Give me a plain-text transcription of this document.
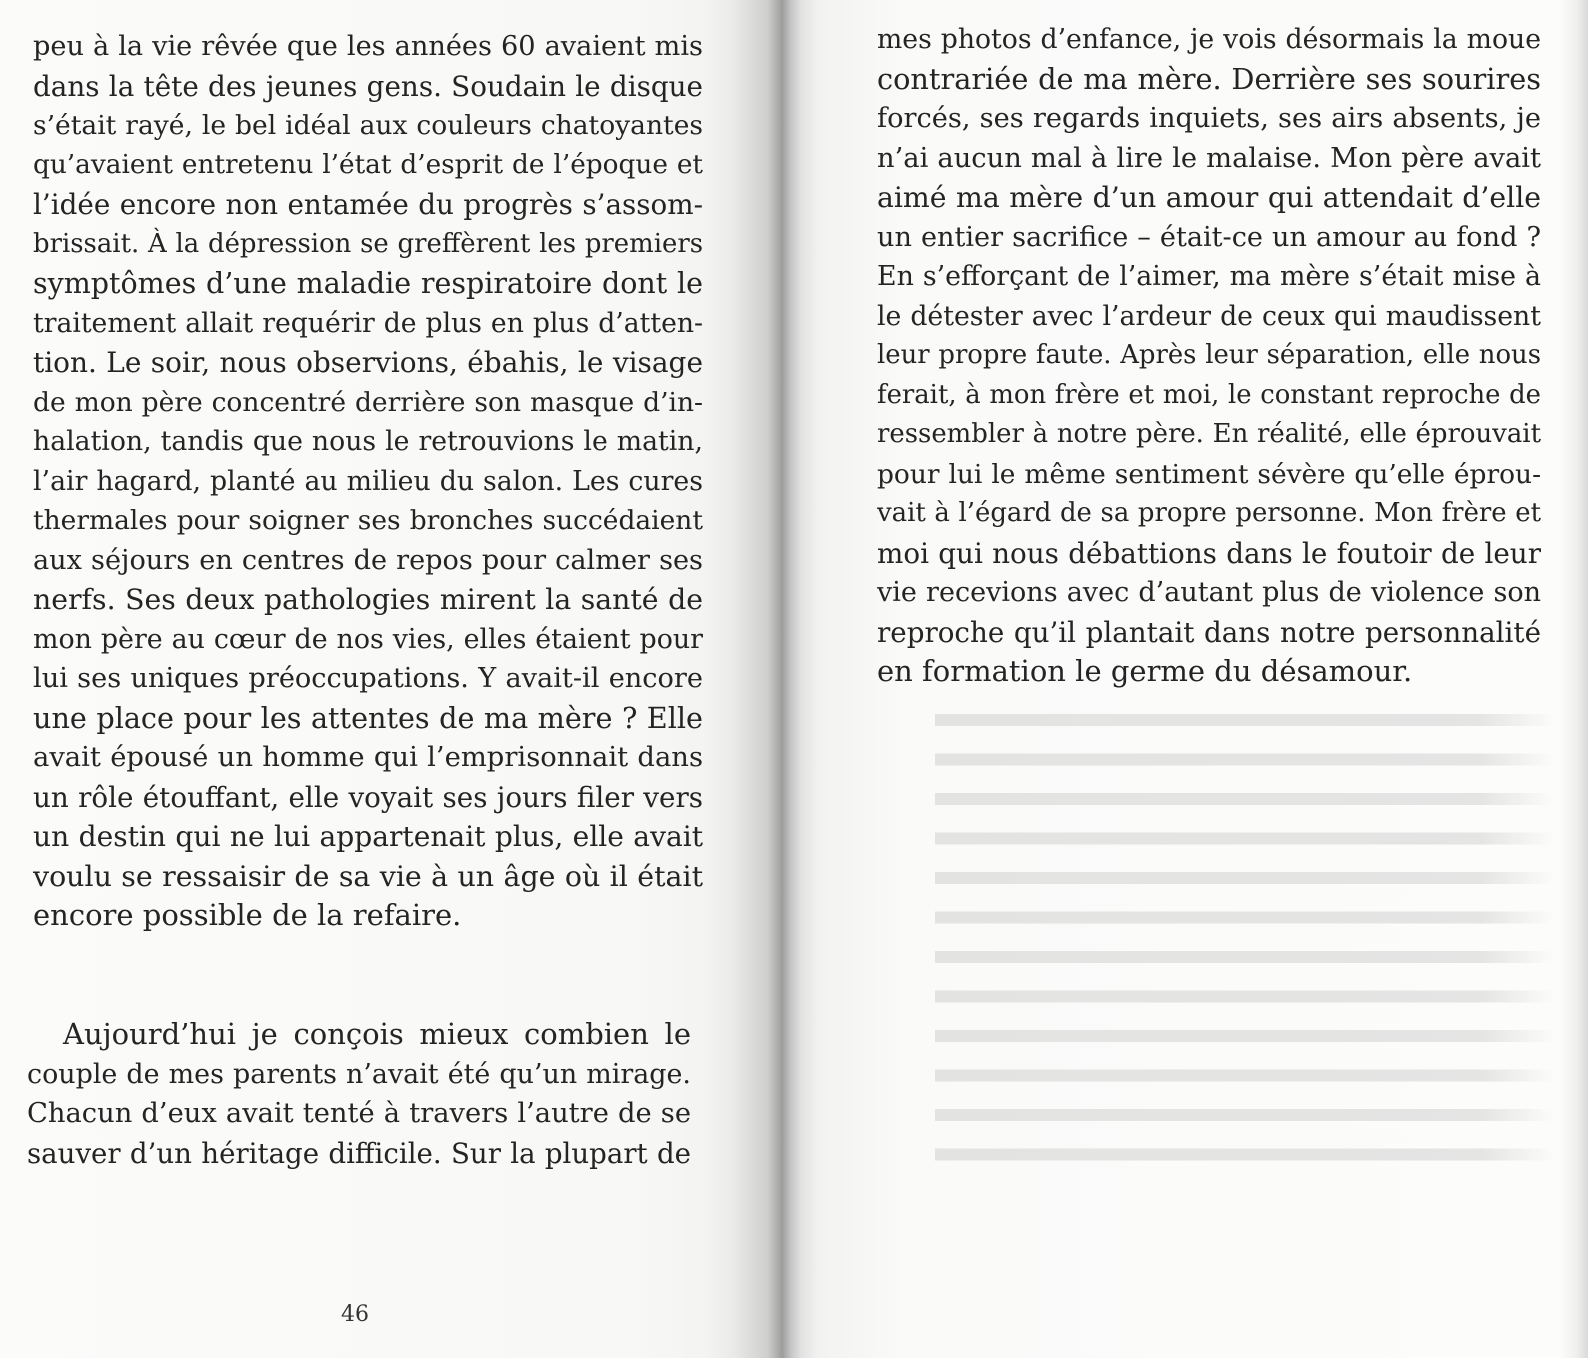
peu à la vie rêvée que les années 60 avaient mis
dans la tête des jeunes gens. Soudain le disque
s’était rayé, le bel idéal aux couleurs chatoyantes
qu’avaient entretenu l’état d’esprit de l’époque et
l’idée encore non entamée du progrès s’assom-
brissait. À la dépression se greffèrent les premiers
symptômes d’une maladie respiratoire dont le
traitement allait requérir de plus en plus d’atten-
tion. Le soir, nous observions, ébahis, le visage
de mon père concentré derrière son masque d’in-
halation, tandis que nous le retrouvions le matin,
l’air hagard, planté au milieu du salon. Les cures
thermales pour soigner ses bronches succédaient
aux séjours en centres de repos pour calmer ses
nerfs. Ses deux pathologies mirent la santé de
mon père au cœur de nos vies, elles étaient pour
lui ses uniques préoccupations. Y avait-il encore
une place pour les attentes de ma mère ? Elle
avait épousé un homme qui l’emprisonnait dans
un rôle étouffant, elle voyait ses jours filer vers
un destin qui ne lui appartenait plus, elle avait
voulu se ressaisir de sa vie à un âge où il était
encore possible de la refaire.
Aujourd’hui je conçois mieux combien le
couple de mes parents n’avait été qu’un mirage.
Chacun d’eux avait tenté à travers l’autre de se
sauver d’un héritage difficile. Sur la plupart de
46
mes photos d’enfance, je vois désormais la moue
contrariée de ma mère. Derrière ses sourires
forcés, ses regards inquiets, ses airs absents, je
n’ai aucun mal à lire le malaise. Mon père avait
aimé ma mère d’un amour qui attendait d’elle
un entier sacrifice – était-ce un amour au fond ?
En s’efforçant de l’aimer, ma mère s’était mise à
le détester avec l’ardeur de ceux qui maudissent
leur propre faute. Après leur séparation, elle nous
ferait, à mon frère et moi, le constant reproche de
ressembler à notre père. En réalité, elle éprouvait
pour lui le même sentiment sévère qu’elle éprou-
vait à l’égard de sa propre personne. Mon frère et
moi qui nous débattions dans le foutoir de leur
vie recevions avec d’autant plus de violence son
reproche qu’il plantait dans notre personnalité
en formation le germe du désamour.
